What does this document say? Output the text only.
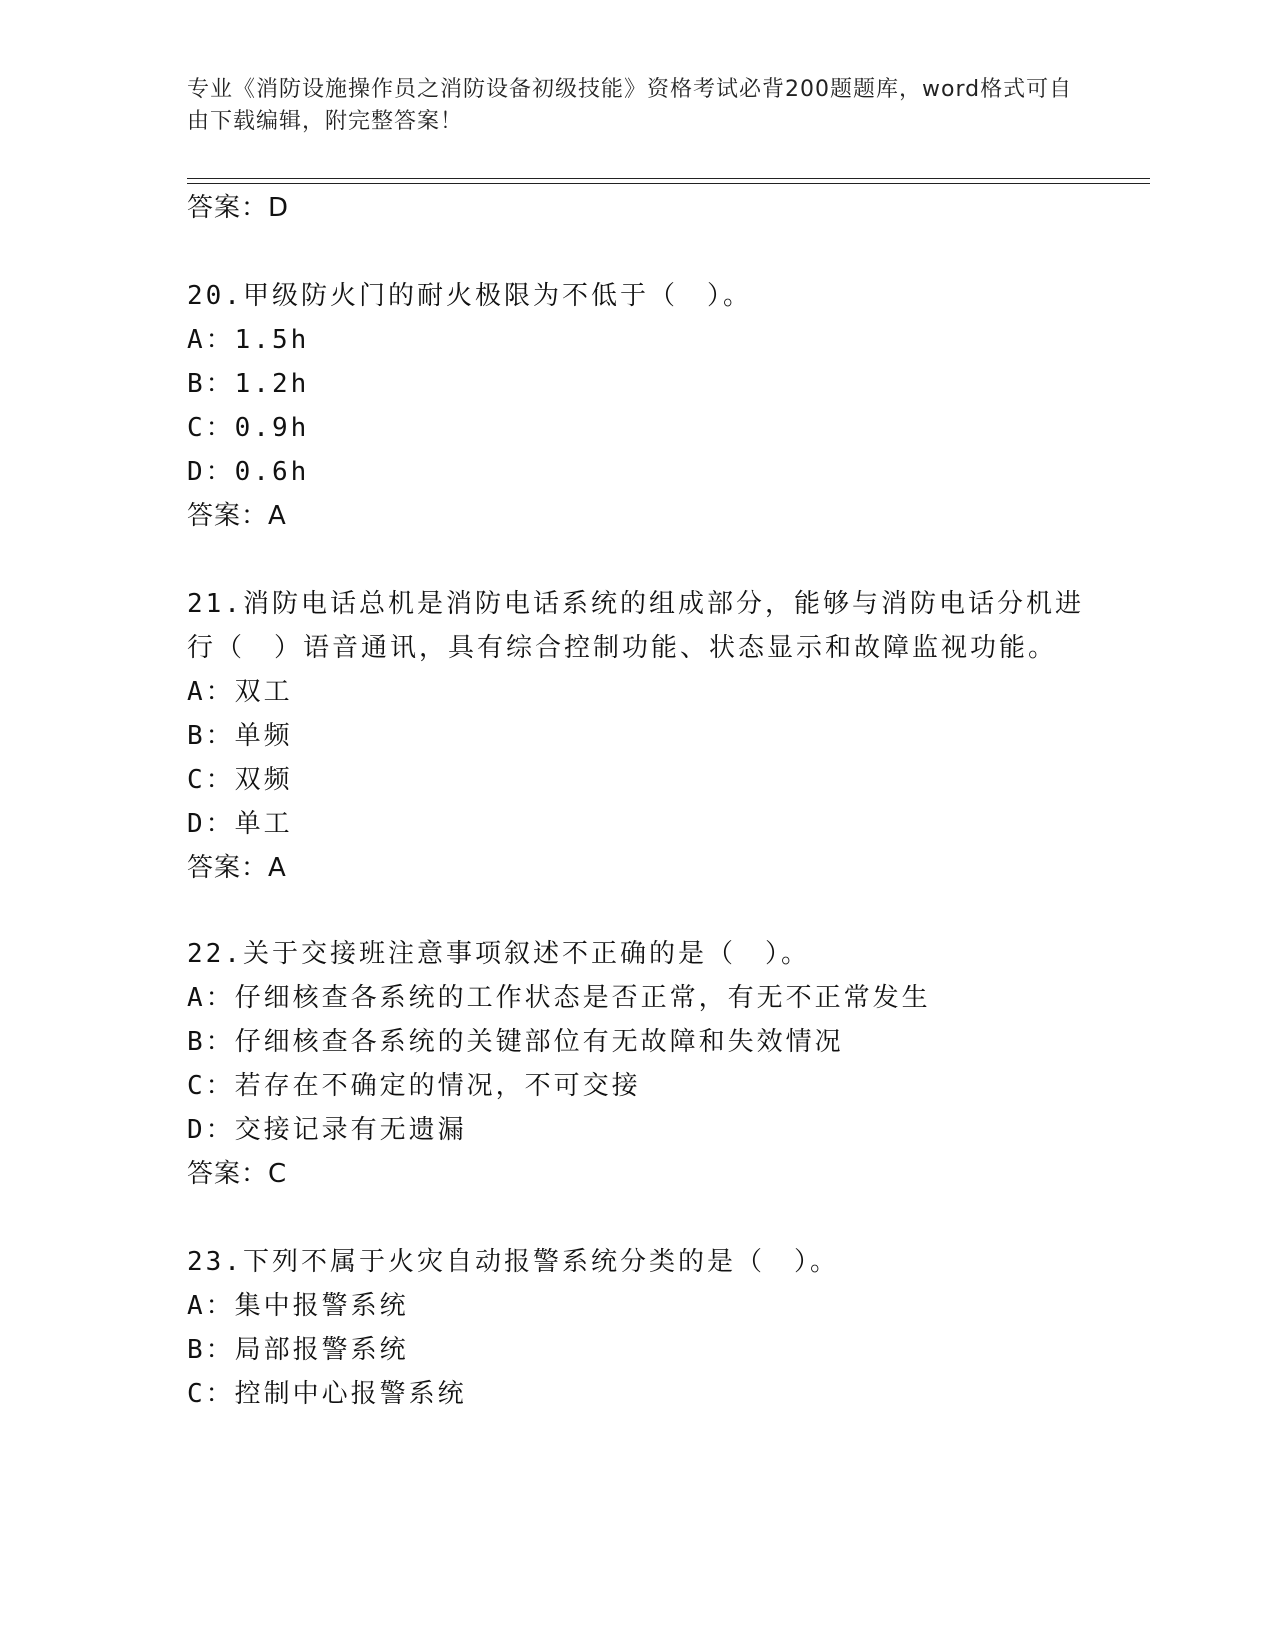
专业《消防设施操作员之消防设备初级技能》资格考试必背200题题库，word格式可自由下载编辑，附完整答案！
答案：D
20.甲级防火门的耐火极限为不低于（　）。
A：1.5h
B：1.2h
C：0.9h
D：0.6h
答案：A
21.消防电话总机是消防电话系统的组成部分，能够与消防电话分机进
行（　）语音通讯，具有综合控制功能、状态显示和故障监视功能。
A：双工
B：单频
C：双频
D：单工
答案：A
22.关于交接班注意事项叙述不正确的是（　）。
A：仔细核查各系统的工作状态是否正常，有无不正常发生
B：仔细核查各系统的关键部位有无故障和失效情况
C：若存在不确定的情况，不可交接
D：交接记录有无遗漏
答案：C
23.下列不属于火灾自动报警系统分类的是（　）。
A：集中报警系统
B：局部报警系统
C：控制中心报警系统
